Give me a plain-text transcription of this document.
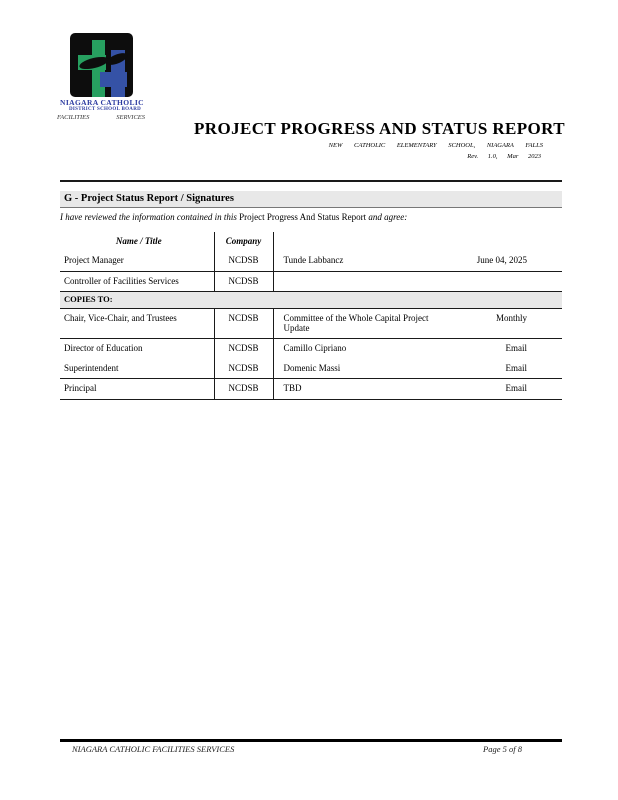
NIAGARA CATHOLIC
DISTRICT SCHOOL BOARD
FACILITIES	SERVICES
PROJECT PROGRESS AND STATUS REPORT
NEW CATHOLIC ELEMENTARY SCHOOL, NIAGARA FALLS
Rev. 1.0, Mar 2023
G - Project Status Report / Signatures
I have reviewed the information contained in this Project Progress And Status Report and agree:
Name / Title	Company		
Project Manager	NCDSB	Tunde Labbancz	June 04, 2025
Controller of Facilities Services	NCDSB		
COPIES TO:			
Chair, Vice-Chair, and Trustees	NCDSB	Committee of the Whole Capital Project Update	Monthly
Director of Education	NCDSB	Camillo Cipriano	Email
Superintendent	NCDSB	Domenic Massi	Email
Principal	NCDSB	TBD	Email
NIAGARA CATHOLIC FACILITIES SERVICES	Page 5 of 8
